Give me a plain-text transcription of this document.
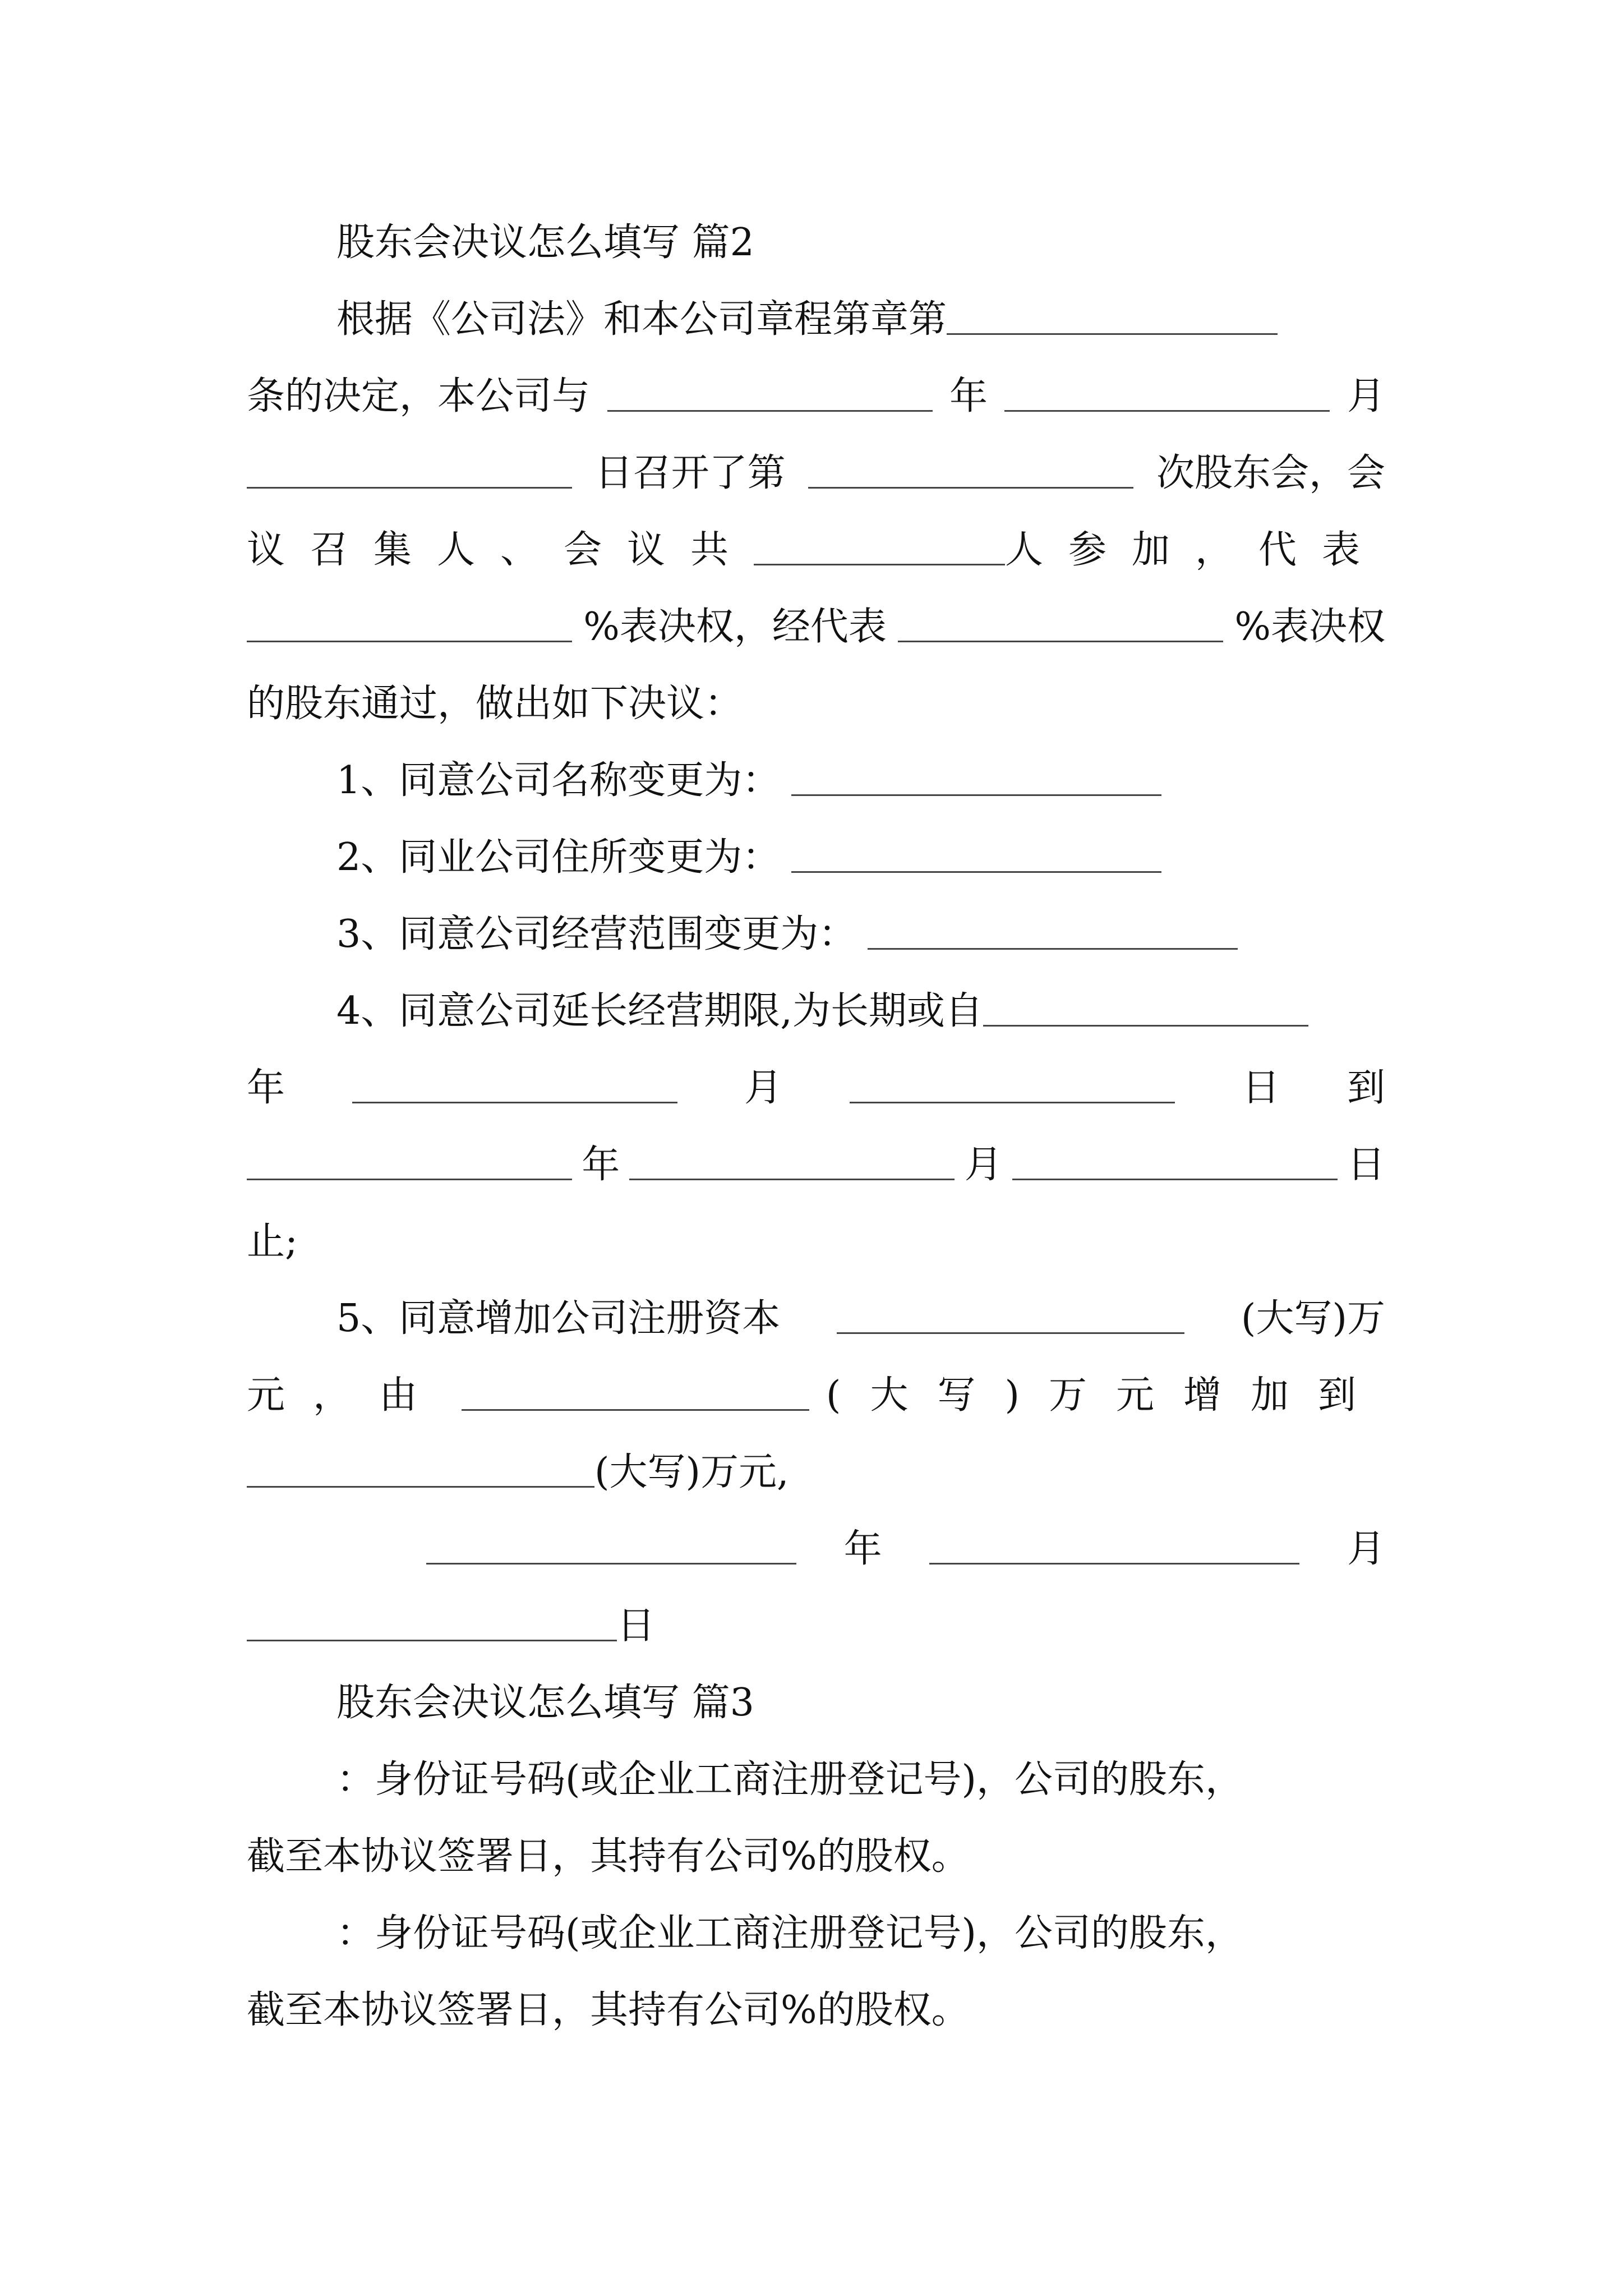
股东会决议怎么填写 篇2
根据《公司法》和本公司章程第章第
条的决定，本公司与	年	月
日召开了第	次股东会，会
议召集人、会议共	人参加，代表
%表决权，经代表	%表决权
的股东通过，做出如下决议：
1、同意公司名称变更为：
2、同业公司住所变更为：
3、同意公司经营范围变更为：
4、同意公司延长经营期限,为长期或自
年	月	日 到
年	月	日
止;
5、同意增加公司注册资本	(大写)万
元，由	(大写)万元增加到
(大写)万元,
年	月
日
股东会决议怎么填写 篇3
：身份证号码(或企业工商注册登记号)，公司的股东，
截至本协议签署日，其持有公司%的股权。
：身份证号码(或企业工商注册登记号)，公司的股东，
截至本协议签署日，其持有公司%的股权。
